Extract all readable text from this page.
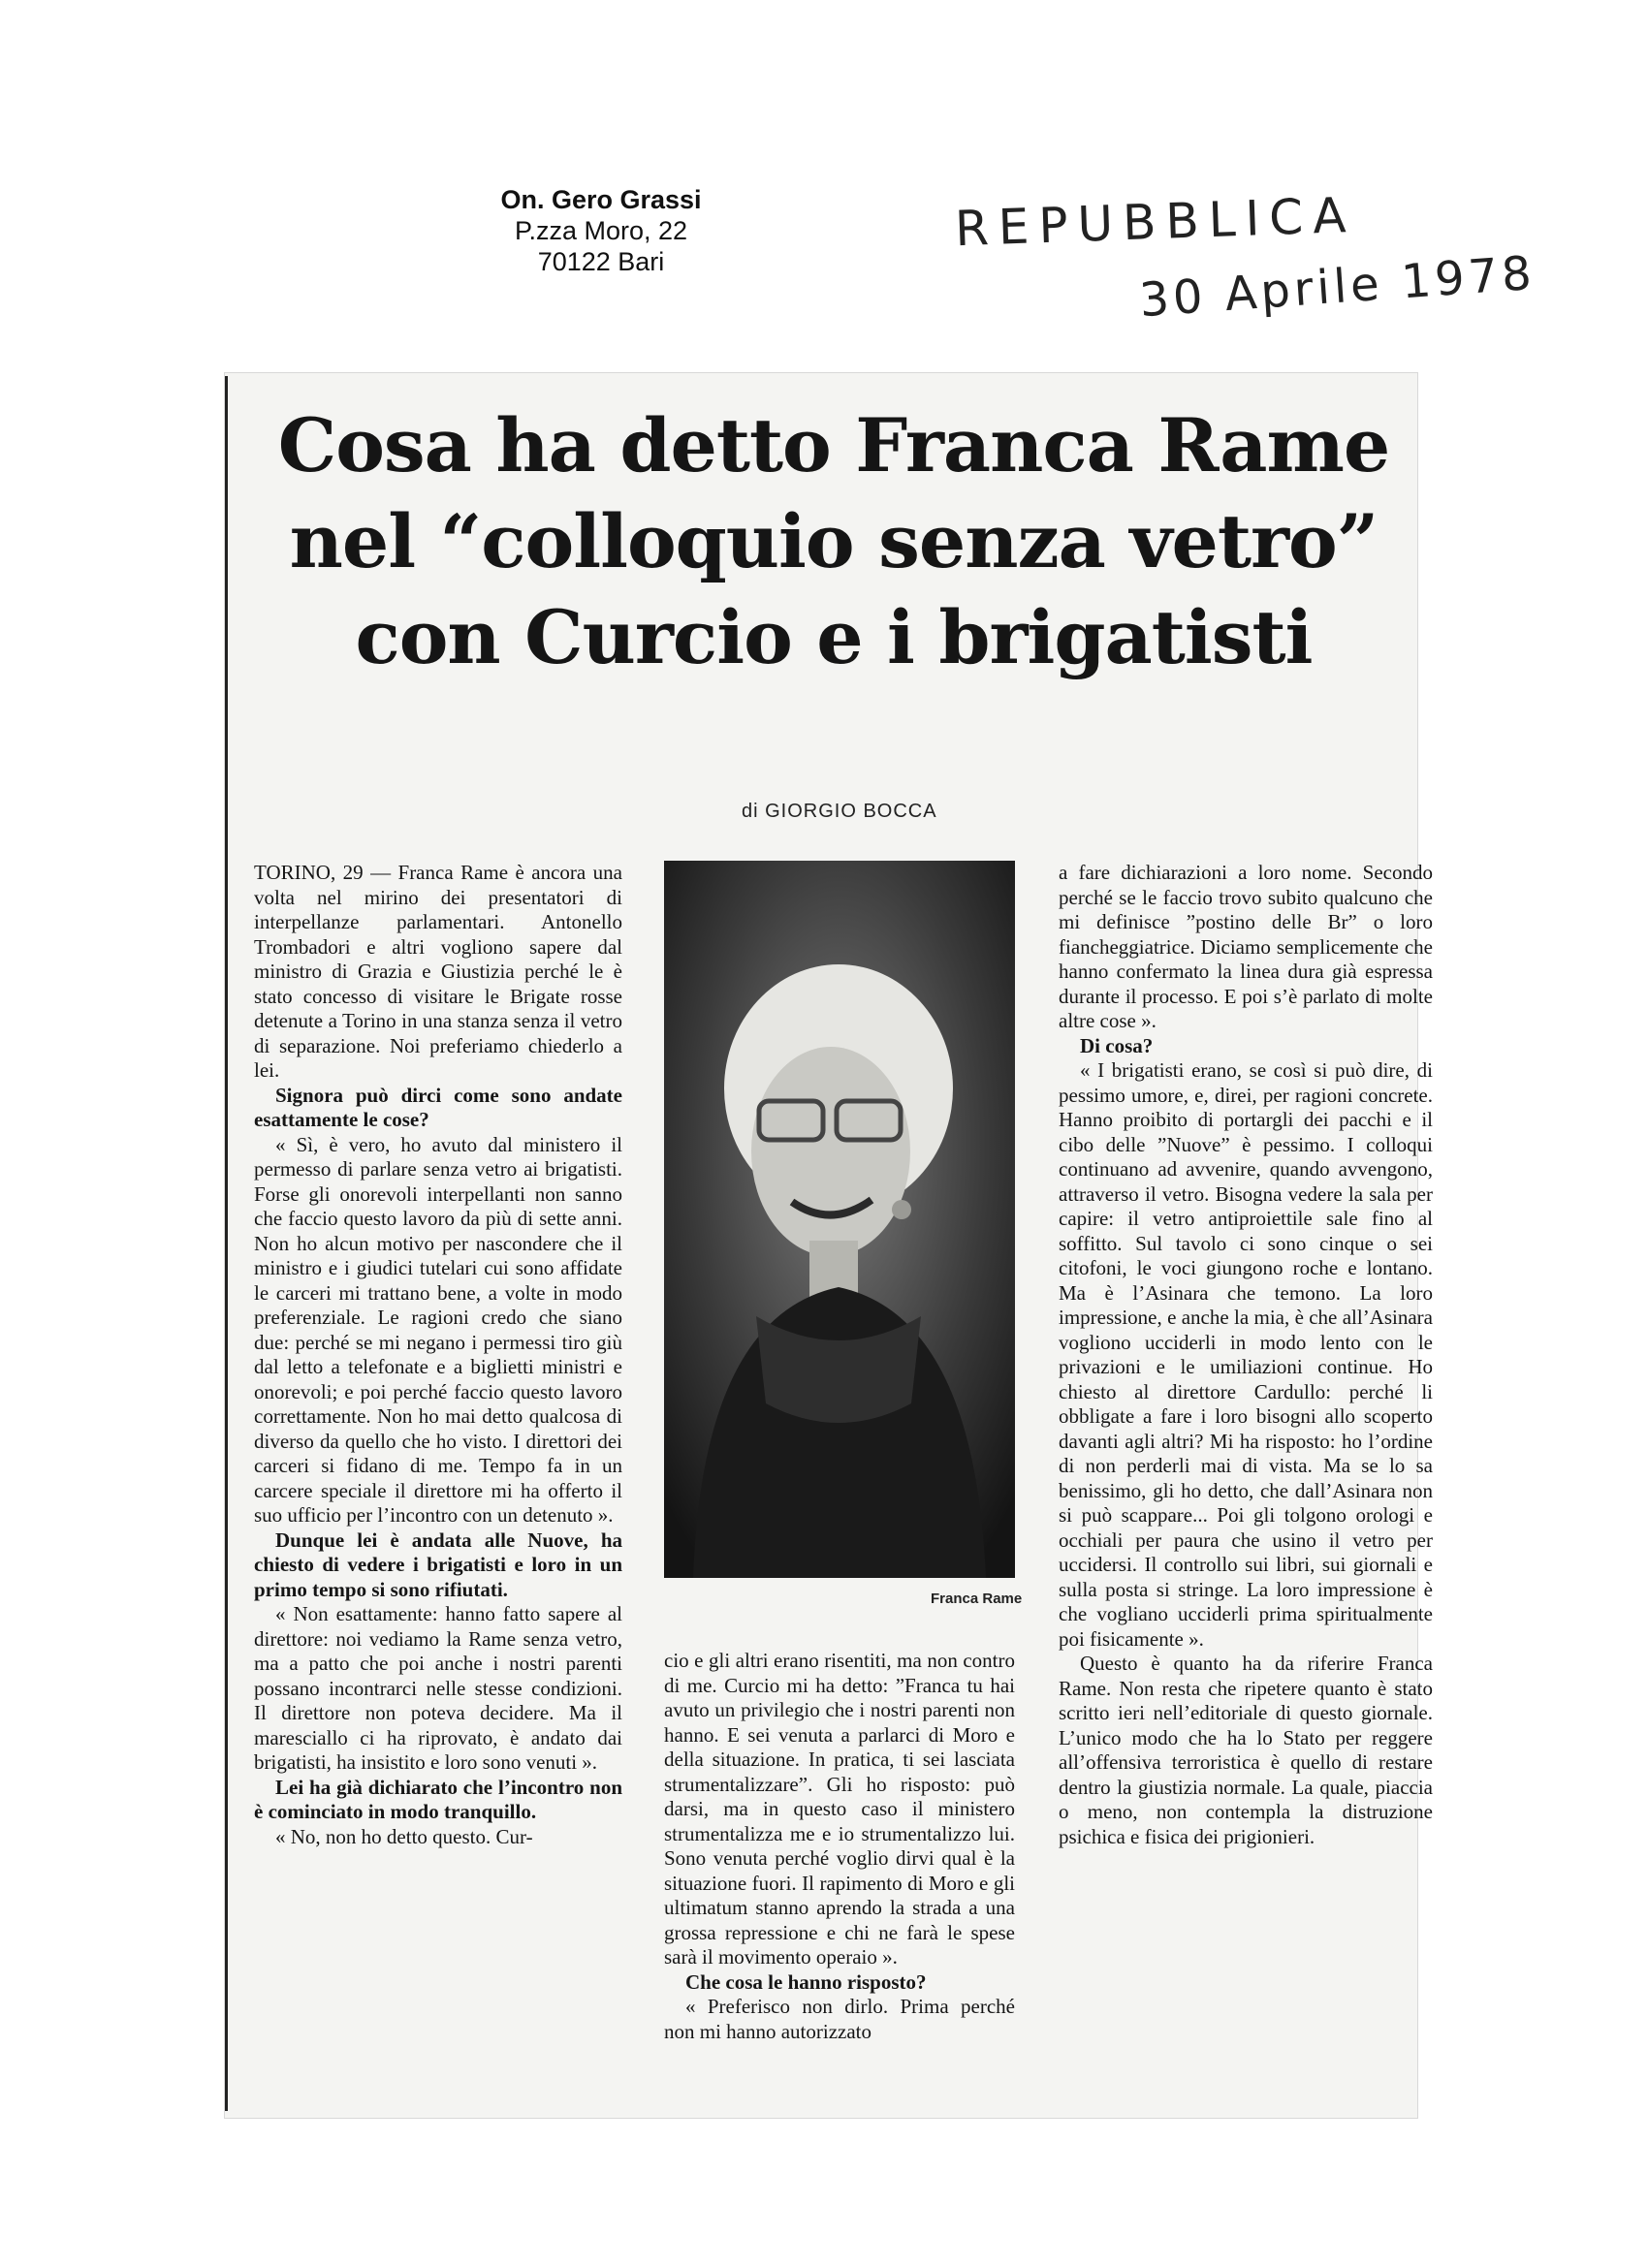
On. Gero Grassi
P.zza Moro, 22
70122 Bari
REPUBBLICA
30 Aprile 1978
Cosa ha detto Franca Rame
nel “colloquio senza vetro”
con Curcio e i brigatisti
di GIORGIO BOCCA

TORINO, 29 — Franca Rame è ancora una volta nel mirino dei presentatori di interpellanze parlamentari. Antonello Trombadori e altri vogliono sapere dal ministro di Grazia e Giustizia perché le è stato concesso di visitare le Brigate rosse detenute a Torino in una stanza senza il vetro di separazione. Noi preferiamo chiederlo a lei.

Signora può dirci come sono andate esattamente le cose?

« Sì, è vero, ho avuto dal ministero il permesso di parlare senza vetro ai brigatisti. Forse gli onorevoli interpellanti non sanno che faccio questo lavoro da più di sette anni. Non ho alcun motivo per nascondere che il ministro e i giudici tutelari cui sono affidate le carceri mi trattano bene, a volte in modo preferenziale. Le ragioni credo che siano due: perché se mi negano i permessi tiro giù dal letto a telefonate e a biglietti ministri e onorevoli; e poi perché faccio questo lavoro correttamente. Non ho mai detto qualcosa di diverso da quello che ho visto. I direttori dei carceri si fidano di me. Tempo fa in un carcere speciale il direttore mi ha offerto il suo ufficio per l’incontro con un detenuto ».

Dunque lei è andata alle Nuove, ha chiesto di vedere i brigatisti e loro in un primo tempo si sono rifiutati.

« Non esattamente: hanno fatto sapere al direttore: noi vediamo la Rame senza vetro, ma a patto che poi anche i nostri parenti possano incontrarci nelle stesse condizioni. Il direttore non poteva decidere. Ma il maresciallo ci ha riprovato, è andato dai brigatisti, ha insistito e loro sono venuti ».

Lei ha già dichiarato che l’incontro non è cominciato in modo tranquillo.

« No, non ho detto questo. Cur-

Franca Rame

cio e gli altri erano risentiti, ma non contro di me. Curcio mi ha detto: ”Franca tu hai avuto un privilegio che i nostri parenti non hanno. E sei venuta a parlarci di Moro e della situazione. In pratica, ti sei lasciata strumentalizzare”. Gli ho risposto: può darsi, ma in questo caso il ministero strumentalizza me e io strumentalizzo lui. Sono venuta perché voglio dirvi qual è la situazione fuori. Il rapimento di Moro e gli ultimatum stanno aprendo la strada a una grossa repressione e chi ne farà le spese sarà il movimento operaio ».

Che cosa le hanno risposto?

« Preferisco non dirlo. Prima perché non mi hanno autorizzato

a fare dichiarazioni a loro nome. Secondo perché se le faccio trovo subito qualcuno che mi definisce ”postino delle Br” o loro fiancheggiatrice. Diciamo semplicemente che hanno confermato la linea dura già espressa durante il processo. E poi s’è parlato di molte altre cose ».

Di cosa?

« I brigatisti erano, se così si può dire, di pessimo umore, e, direi, per ragioni concrete. Hanno proibito di portargli dei pacchi e il cibo delle ”Nuove” è pessimo. I colloqui continuano ad avvenire, quando avvengono, attraverso il vetro. Bisogna vedere la sala per capire: il vetro antiproiettile sale fino al soffitto. Sul tavolo ci sono cinque o sei citofoni, le voci giungono roche e lontano. Ma è l’Asinara che temono. La loro impressione, e anche la mia, è che all’Asinara vogliono ucciderli in modo lento con le privazioni e le umiliazioni continue. Ho chiesto al direttore Cardullo: perché li obbligate a fare i loro bisogni allo scoperto davanti agli altri? Mi ha risposto: ho l’ordine di non perderli mai di vista. Ma se lo sa benissimo, gli ho detto, che dall’Asinara non si può scappare... Poi gli tolgono orologi e occhiali per paura che usino il vetro per uccidersi. Il controllo sui libri, sui giornali e sulla posta si stringe. La loro impressione è che vogliano ucciderli prima spiritualmente poi fisicamente ».

Questo è quanto ha da riferire Franca Rame. Non resta che ripetere quanto è stato scritto ieri nell’editoriale di questo giornale. L’unico modo che ha lo Stato per reggere all’offensiva terroristica è quello di restare dentro la giustizia normale. La quale, piaccia o meno, non contempla la distruzione psichica e fisica dei prigionieri.
